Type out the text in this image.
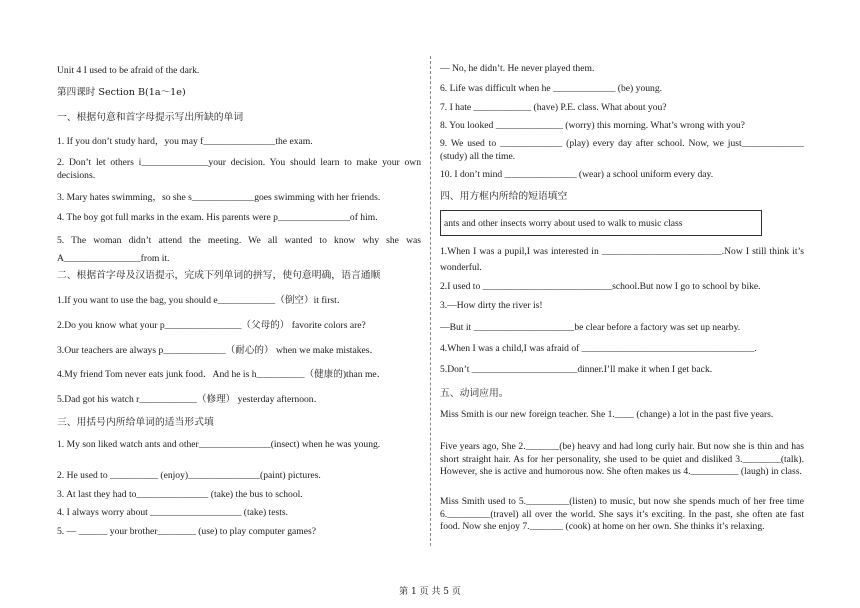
Unit 4 I used to be afraid of the dark.
第四课时 Section B(1a～1e)
一、根据句意和首字母提示写出所缺的单词
1. If you don’t study hard，you may f_______________the exam.
2. Don’t let others i______________your decision. You should learn to make your own decisions.
3. Mary hates swimming，so she s_____________goes swimming with her friends.
4. The boy got full marks in the exam. His parents were p_______________of him.
5. The woman didn’t attend the meeting. We all wanted to know why she was A________________from it.
二、根据首字母及汉语提示，完成下列单词的拼写，使句意明确，语言通顺
1.If you want to use the bag, you should e____________（倒空）it first．
2.Do you know what your p________________（父母的） favorite colors are?
3.Our teachers are always p_____________（耐心的） when we make mistakes．
4.My friend Tom never eats junk food．And he is h__________（健康的)than me．
5.Dad got his watch r____________（修理） yesterday afternoon．
三、用括号内所给单词的适当形式填
1. My son liked watch ants and other_______________(insect) when he was young.
2. He used to __________ (enjoy)_______________(paint) pictures.
3. At last they had to_______________ (take) the bus to school.
4. I always worry about ___________________ (take) tests.
5. — ______ your brother________ (use) to play computer games?
— No, he didn’t. He never played them.
6. Life was difficult when he _____________ (be) young.
7. I hate ____________ (have) P.E. class. What about you?
8. You looked ______________ (worry) this morning. What’s wrong with you?
9. We used to _____________ (play) every day after school. Now, we just_____________ (study) all the time.
10. I don’t mind _______________ (wear) a school uniform every day.
四、用方框内所给的短语填空
ants and other insects worry about used to walk to music class
1.When I was a pupil,I was interested in _________________________.Now I still think it’s wonderful.
2.I used to ___________________________school.But now I go to school by bike.
3.—How dirty the river is!
—But it _____________________be clear before a factory was set up nearby.
4.When I was a child,I was afraid of ____________________________________.
5.Don’t ______________________dinner.I’ll make it when I get back.
五、动词应用。
Miss Smith is our new foreign teacher. She 1.____ (change) a lot in the past five years.
Five years ago, She 2._______(be) heavy and had long curly hair. But now she is thin and has short straight hair. As for her personality, she used to be quiet and disliked 3.________(talk). However, she is active and humorous now. She often makes us 4.__________ (laugh) in class.
Miss Smith used to 5._________(listen) to music, but now she spends much of her free time 6._________(travel) all over the world. She says it’s exciting. In the past, she often ate fast food. Now she enjoy 7._______ (cook) at home on her own. She thinks it’s relaxing.
第 1 页 共 5 页
